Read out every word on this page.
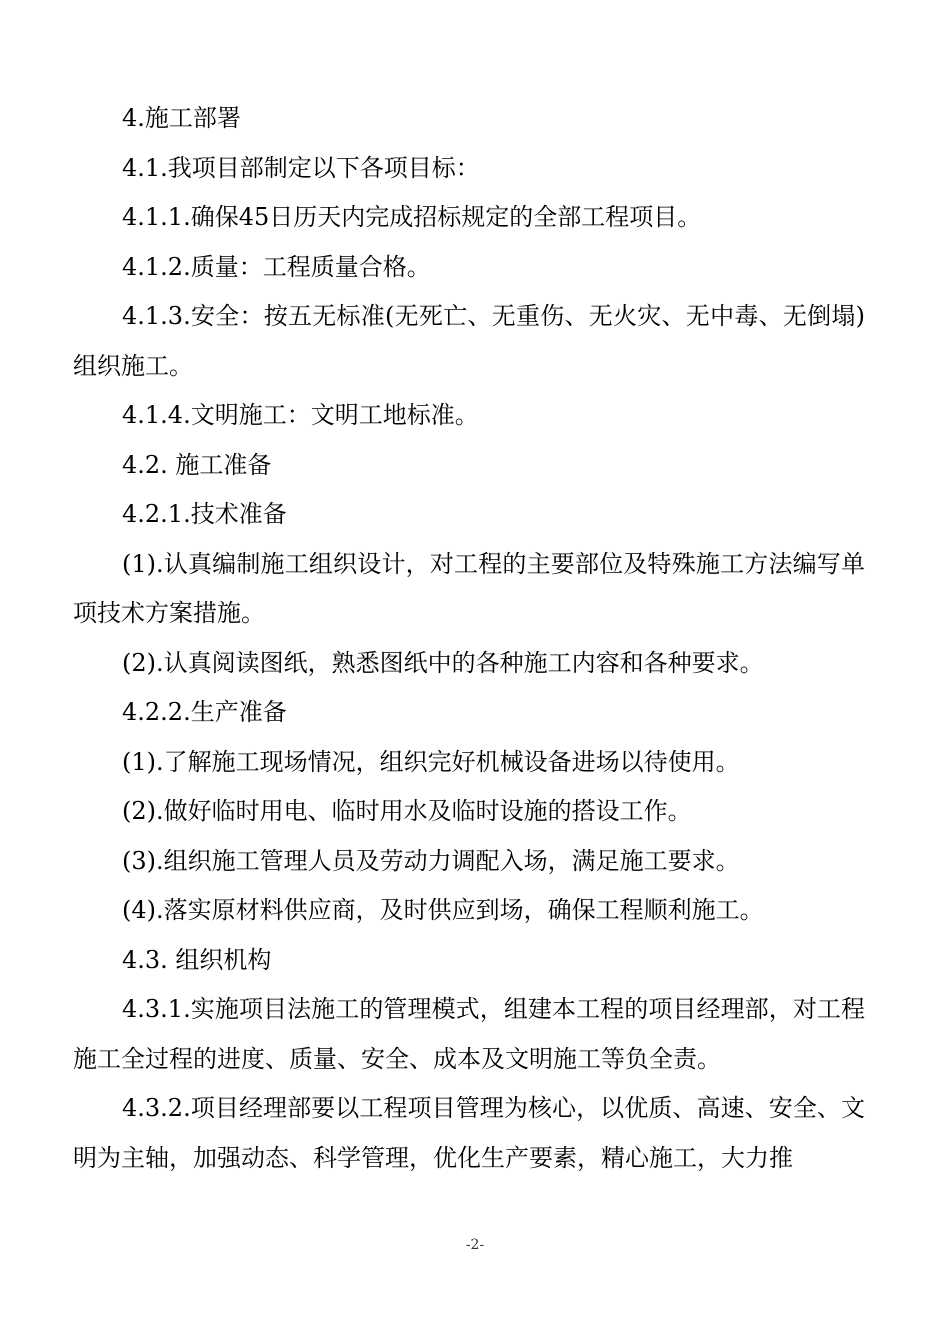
4.施工部署

4.1.我项目部制定以下各项目标：

4.1.1.确保45日历天内完成招标规定的全部工程项目。

4.1.2.质量：工程质量合格。

4.1.3.安全：按五无标准(无死亡、无重伤、无火灾、无中毒、无倒塌)组织施工。

4.1.4.文明施工：文明工地标准。

4.2. 施工准备

4.2.1.技术准备

(1).认真编制施工组织设计，对工程的主要部位及特殊施工方法编写单项技术方案措施。

(2).认真阅读图纸，熟悉图纸中的各种施工内容和各种要求。

4.2.2.生产准备

(1).了解施工现场情况，组织完好机械设备进场以待使用。

(2).做好临时用电、临时用水及临时设施的搭设工作。

(3).组织施工管理人员及劳动力调配入场，满足施工要求。

(4).落实原材料供应商，及时供应到场，确保工程顺利施工。

4.3. 组织机构

4.3.1.实施项目法施工的管理模式，组建本工程的项目经理部，对工程施工全过程的进度、质量、安全、成本及文明施工等负全责。

4.3.2.项目经理部要以工程项目管理为核心，以优质、高速、安全、文明为主轴，加强动态、科学管理，优化生产要素，精心施工，大力推

-2-
